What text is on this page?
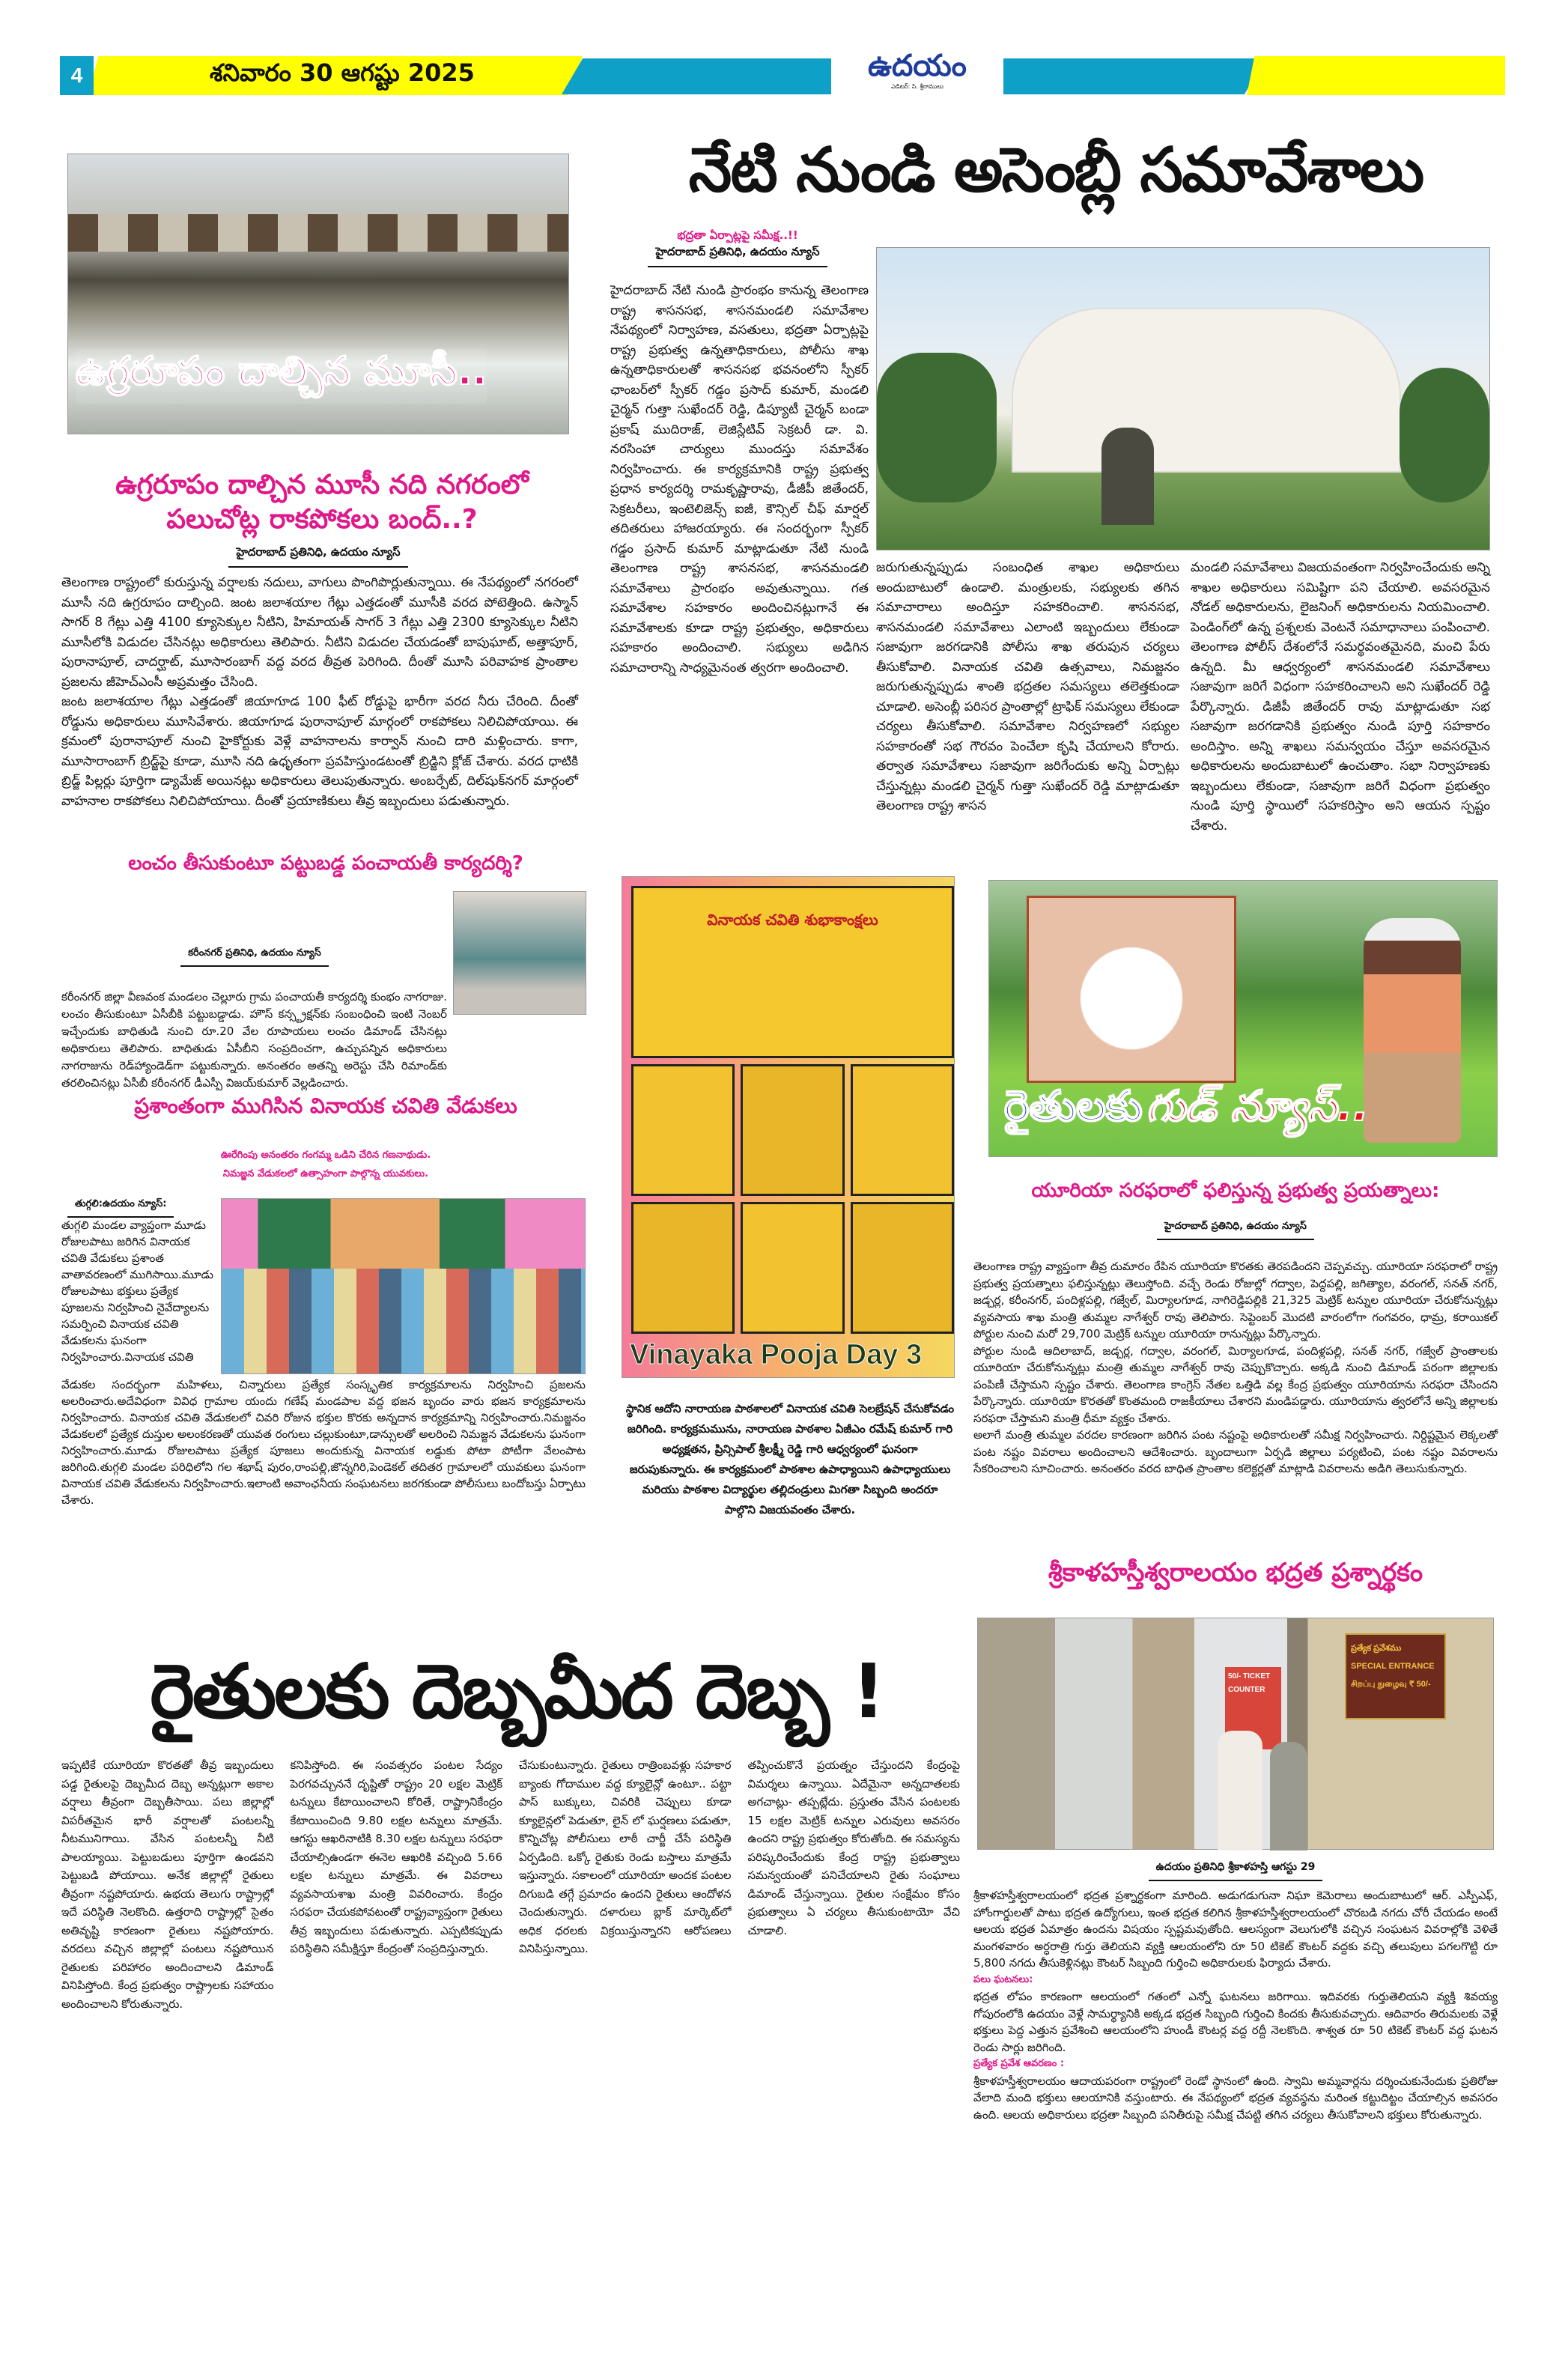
4	శనివారం 30 ఆగష్టు 2025	ఉదయం
ఎడిటర్: సి. శ్రీరాములు
ఉగ్రరూపం దాల్చిన మూసీ..
ఉగ్రరూపం దాల్చిన మూసీ నది నగరంలో పలుచోట్ల రాకపోకలు బంద్..?
హైదరాబాద్ ప్రతినిధి, ఉదయం న్యూస్

తెలంగాణ రాష్ట్రంలో కురుస్తున్న వర్షాలకు నదులు, వాగులు పొంగిపొర్లుతున్నాయి. ఈ నేపథ్యంలో నగరంలో మూసీ నది ఉగ్రరూపం దాల్చింది. జంట జలాశయాల గేట్లు ఎత్తడంతో మూసీకి వరద పోటెత్తింది. ఉస్మాన్ సాగర్ 8 గేట్లు ఎత్తి 4100 క్యూసెక్కుల నీటిని, హిమాయత్ సాగర్ 3 గేట్లు ఎత్తి 2300 క్యూసెక్కుల నీటిని మూసీలోకి విడుదల చేసినట్లు అధికారులు తెలిపారు. నీటిని విడుదల చేయడంతో బాపుఘాట్, అత్తాపూర్, పురానాపూల్, చాదర్ఘాట్, మూసారంబాగ్ వద్ద వరద తీవ్రత పెరిగింది. దీంతో మూసి పరివాహక ప్రాంతాల ప్రజలను జీహెచ్ఎంసీ అప్రమత్తం చేసింది.

జంట జలాశయాల గేట్లు ఎత్తడంతో జియాగూడ 100 ఫీట్ రోడ్డుపై భారీగా వరద నీరు చేరింది. దీంతో రోడ్డును అధికారులు మూసివేశారు. జియాగూడ పురానాపూల్ మార్గంలో రాకపోకలు నిలిచిపోయాయి. ఈ క్రమంలో పురానాపూల్ నుంచి హైకోర్టుకు వెళ్లే వాహనాలను కార్వాన్ నుంచి దారి మళ్లించారు. కాగా, మూసారాంబాగ్ బ్రిడ్జ్‌పై కూడా, మూసి నది ఉధృతంగా ప్రవహిస్తుండటంతో బ్రిడ్జిని క్లోజ్ చేశారు. వరద ధాటికి బ్రిడ్జ్ పిల్లర్లు పూర్తిగా డ్యామేజ్ అయినట్లు అధికారులు తెలుపుతున్నారు. అంబర్పేట్, దిల్‌షుక్‌నగర్ మార్గంలో వాహనాల రాకపోకలు నిలిచిపోయాయి. దీంతో ప్రయాణికులు తీవ్ర ఇబ్బందులు పడుతున్నారు.

నేటి నుండి అసెంబ్లీ సమావేశాలు
భద్రతా ఏర్పాట్లపై సమీక్ష..!!
హైదరాబాద్ ప్రతినిధి, ఉదయం న్యూస్
హైదరాబాద్ నేటి నుండి ప్రారంభం కానున్న తెలంగాణ రాష్ట్ర శాసనసభ, శాసనమండలి సమావేశాల నేపథ్యంలో నిర్వాహణ, వసతులు, భద్రతా ఏర్పాట్లపై రాష్ట్ర ప్రభుత్వ ఉన్నతాధికారులు, పోలీసు శాఖ ఉన్నతాధికారులతో శాసనసభ భవనంలోని స్పీకర్ ఛాంబర్‌లో స్పీకర్ గడ్డం ప్రసాద్ కుమార్, మండలి చైర్మన్ గుత్తా సుఖేందర్ రెడ్డి, డిప్యూటీ చైర్మన్ బండా ప్రకాష్ ముదిరాజ్, లెజిస్లేటివ్ సెక్రటరీ డా. వి. నరసింహా చార్యులు ముందస్తు సమావేశం నిర్వహించారు. ఈ కార్యక్రమానికి రాష్ట్ర ప్రభుత్వ ప్రధాన కార్యదర్శి రామకృష్ణారావు, డీజీపీ జితేందర్, సెక్రటరీలు, ఇంటెలిజెన్స్ ఐజీ, కౌన్సిల్ చీఫ్ మార్షల్ తదితరులు హాజరయ్యారు. ఈ సందర్భంగా స్పీకర్ గడ్డం ప్రసాద్ కుమార్ మాట్లాడుతూ నేటి నుండి తెలంగాణ రాష్ట్ర శాసనసభ, శాసనమండలి సమావేశాలు ప్రారంభం అవుతున్నాయి. గత సమావేశాల సహకారం అందించినట్లుగానే ఈ సమావేశాలకు కూడా రాష్ట్ర ప్రభుత్వం, అధికారులు సహకారం అందించాలి. సభ్యులు అడిగిన సమాచారాన్ని సాధ్యమైనంత త్వరగా అందించాలి.
జరుగుతున్నప్పుడు సంబంధిత శాఖల అధికారులు అందుబాటులో ఉండాలి. మంత్రులకు, సభ్యులకు తగిన సమాచారాలు అందిస్తూ సహకరించాలి. శాసనసభ, శాసనమండలి సమావేశాలు ఎలాంటి ఇబ్బందులు లేకుండా సజావుగా జరగడానికి పోలీసు శాఖ తరుపున చర్యలు తీసుకోవాలి. వినాయక చవితి ఉత్సవాలు, నిమజ్జనం జరుగుతున్నప్పుడు శాంతి భద్రతల సమస్యలు తలెత్తకుండా చూడాలి. అసెంబ్లీ పరిసర ప్రాంతాల్లో ట్రాఫిక్ సమస్యలు లేకుండా చర్యలు తీసుకోవాలి. సమావేశాల నిర్వహణలో సభ్యుల సహకారంతో సభ గౌరవం పెంచేలా కృషి చేయాలని కోరారు. తర్వాత సమావేశాలు సజావుగా జరిగేందుకు అన్ని ఏర్పాట్లు చేస్తున్నట్లు మండలి చైర్మన్ గుత్తా సుఖేందర్ రెడ్డి మాట్లాడుతూ తెలంగాణ రాష్ట్ర శాసన
మండలి సమావేశాలు విజయవంతంగా నిర్వహించేందుకు అన్ని శాఖల అధికారులు సమిష్టిగా పని చేయాలి. అవసరమైన నోడల్ అధికారులను, లైజనింగ్ అధికారులను నియమించాలి. పెండింగ్‌లో ఉన్న ప్రశ్నలకు వెంటనే సమాధానాలు పంపించాలి. తెలంగాణ పోలీస్ దేశంలోనే సమర్థవంతమైనది, మంచి పేరు ఉన్నది. మీ ఆధ్వర్యంలో శాసనమండలి సమావేశాలు సజావుగా జరిగే విధంగా సహకరించాలని అని సుఖేందర్ రెడ్డి పేర్కొన్నారు. డిజీపీ జితేందర్ రావు మాట్లాడుతూ సభ సజావుగా జరగడానికి ప్రభుత్వం నుండి పూర్తి సహకారం అందిస్తాం. అన్ని శాఖలు సమన్వయం చేస్తూ అవసరమైన అధికారులను అందుబాటులో ఉంచుతాం. సభా నిర్వాహణకు ఇబ్బందులు లేకుండా, సజావుగా జరిగే విధంగా ప్రభుత్వం నుండి పూర్తి స్థాయిలో సహకరిస్తాం అని ఆయన స్పష్టం చేశారు.
లంచం తీసుకుంటూ పట్టుబడ్డ పంచాయతీ కార్యదర్శి?
కరీంనగర్ ప్రతినిధి, ఉదయం న్యూస్
కరీంనగర్ జిల్లా వీణవంక మండలం చెల్లూరు గ్రామ పంచాయతీ కార్యదర్శి కుంభం నాగరాజు. లంచం తీసుకుంటూ ఏసీబీకి పట్టుబడ్డాడు. హౌస్ కన్స్ట్రక్షన్‌కు సంబంధించి ఇంటి నెంబర్ ఇచ్చేందుకు బాధితుడి నుంచి రూ.20 వేల రూపాయలు లంచం డిమాండ్ చేసినట్లు అధికారులు తెలిపారు. బాధితుడు ఏసీబీని సంప్రదించగా, ఉచ్చుపన్నిన అధికారులు నాగరాజును రెడ్‌హ్యాండెడ్‌గా పట్టుకున్నారు. అనంతరం అతన్ని అరెస్టు చేసి రిమాండ్‌కు తరలించినట్లు ఏసీబీ కరీంనగర్ డీఎస్పీ విజయ్‌కుమార్ వెల్లడించారు.
ప్రశాంతంగా ముగిసిన వినాయక చవితి వేడుకలు
ఊరేగింపు అనంతరం గంగమ్మ ఒడిని చేరిన గణనాథుడు.
నిమజ్జన వేడుకలలో ఉత్సాహంగా పాల్గొన్న యువకులు.
తుగ్గలి:ఉదయం న్యూస్:
తుగ్గలి మండల వ్యాప్తంగా మూడు రోజులపాటు జరిగిన వినాయక చవితి వేడుకలు ప్రశాంత వాతావరణంలో ముగిసాయి.మూడు రోజులపాటు భక్తులు ప్రత్యేక పూజలను నిర్వహించి నైవేద్యాలను సమర్పించి వినాయక చవితి వేడుకలను ఘనంగా నిర్వహించారు.వినాయక చవితి
వేడుకల సందర్భంగా మహిళలు, చిన్నారులు ప్రత్యేక సంస్కృతిక కార్యక్రమాలను నిర్వహించి ప్రజలను అలరించారు.అదేవిధంగా వివిధ గ్రామాల యందు గణేష్ మండపాల వద్ద భజన బృందం వారు భజన కార్యక్రమాలను నిర్వహించారు. వినాయక చవితి వేడుకలలో చివరి రోజున భక్తుల కొరకు అన్నదాన కార్యక్రమాన్ని నిర్వహించారు.నిమజ్జనం వేడుకలలో ప్రత్యేక దుస్తుల అలంకరణతో యువత రంగులు చల్లుకుంటూ,డాన్సులతో అలరించి నిమజ్జన వేడుకలను ఘనంగా నిర్వహించారు.మూడు రోజులపాటు ప్రత్యేక పూజలు అందుకున్న వినాయక లడ్డుకు పోటా పోటీగా వేలంపాట జరిగింది.తుగ్గలి మండల పరిధిలోని గల శభాష్ పురం,రాంపల్లి,జొన్నగిరి,పెండెకల్ తదితర గ్రామాలలో యువకులు ఘనంగా వినాయక చవితి వేడుకలను నిర్వహించారు.ఇలాంటి అవాంఛనీయ సంఘటనలు జరగకుండా పోలీసులు బందోబస్తు ఏర్పాటు చేశారు.
వినాయక చవితి శుభాకాంక్షలు
Vinayaka Pooja Day 3
స్థానిక ఆదోని నారాయణ పాఠశాలలో వినాయక చవితి సెలబ్రేషన్ చేసుకోవడం జరిగింది. కార్యక్రమమును, నారాయణ పాఠశాల ఏజీఎం రమేష్ కుమార్ గారి అధ్యక్షతన, ప్రిన్సిపాల్ శ్రీలక్ష్మీ రెడ్డి గారి ఆధ్వర్యంలో ఘనంగా జరుపుకున్నారు. ఈ కార్యక్రమంలో పాఠశాల ఉపాధ్యాయిని ఉపాధ్యాయులు మరియు పాఠశాల విద్యార్థుల తల్లిదండ్రులు మిగతా సిబ్బంది అందరూ పాల్గొని విజయవంతం చేశారు.
రైతులకు గుడ్ న్యూస్..
యూరియా సరఫరాలో ఫలిస్తున్న ప్రభుత్వ ప్రయత్నాలు:
హైదరాబాద్ ప్రతినిధి, ఉదయం న్యూస్

తెలంగాణ రాష్ట్ర వ్యాప్తంగా తీవ్ర దుమారం రేపిన యూరియా కొరతకు తెరపడిందని చెప్పవచ్చు. యూరియా సరఫరాలో రాష్ట్ర ప్రభుత్వ ప్రయత్నాలు ఫలిస్తున్నట్లు తెలుస్తోంది. వచ్చే రెండు రోజుల్లో గద్వాల, పెద్దపల్లి, జగిత్యాల, వరంగల్, సనత్ నగర్, జడ్చర్ల, కరీంనగర్, పందిళ్లపల్లి, గజ్వేల్, మిర్యాలగూడ, నాగిరెడ్డిపల్లికి 21,325 మెట్రిక్ టన్నుల యూరియా చేరుకోనున్నట్లు వ్యవసాయ శాఖ మంత్రి తుమ్మల నాగేశ్వర్ రావు తెలిపారు. సెప్టెంబర్ మొదటి వారంలోగా గంగవరం, ధామ్ర, కరాయికల్ పోర్టుల నుంచి మరో 29,700 మెట్రిక్ టన్నుల యూరియా రానున్నట్లు పేర్కొన్నారు.

పోర్టుల నుండి ఆదిలాబాద్, జడ్చర్ల, గద్వాల, వరంగల్, మిర్యాలగూడ, పందిళ్లపల్లి, సనత్ నగర్, గజ్వేల్ ప్రాంతాలకు యూరియా చేరుకోనున్నట్లు మంత్రి తుమ్మల నాగేశ్వర్ రావు చెప్పుకొచ్చారు. అక్కడి నుంచి డిమాండ్ పరంగా జిల్లాలకు పంపిణీ చేస్తామని స్పష్టం చేశారు. తెలంగాణ కాంగ్రెస్ నేతల ఒత్తిడి వల్ల కేంద్ర ప్రభుత్వం యూరియాను సరఫరా చేసిందని పేర్కొన్నారు. యూరియా కొరతతో కొంతమంది రాజకీయాలు చేశారని మండిపడ్డారు. యూరియాను త్వరలోనే అన్ని జిల్లాలకు సరఫరా చేస్తామని మంత్రి ధీమా వ్యక్తం చేశారు.

అలాగే మంత్రి తుమ్మల వరదల కారణంగా జరిగిన పంట నష్టంపై అధికారులతో సమీక్ష నిర్వహించారు. నిర్దిష్టమైన లెక్కలతో పంట నష్టం వివరాలు అందించాలని ఆదేశించారు. బృందాలుగా ఏర్పడి జిల్లాలు పర్యటించి, పంట నష్టం వివరాలను సేకరించాలని సూచించారు. అనంతరం వరద బాధిత ప్రాంతాల కలెక్టర్లతో మాట్లాడి వివరాలను అడిగి తెలుసుకున్నారు.

శ్రీకాళహస్తీశ్వరాలయం భద్రత ప్రశ్నార్థకం
50/- TICKET COUNTER
ప్రత్యేక ప్రవేశము
SPECIAL ENTRANCE
சிறப்பு நுழைவு ₹ 50/-
ఉదయం ప్రతినిధి శ్రీకాళహస్తి ఆగస్టు 29

శ్రీకాళహస్తీశ్వరాలయంలో భద్రత ప్రశ్నార్థకంగా మారింది. అడుగడుగునా నిఘా కెమెరాలు అందుబాటులో ఆర్. ఎస్పీఎఫ్, హోంగార్డులతో పాటు భద్రత ఉద్యోగులు, ఇంత భద్రత కలిగిన శ్రీకాళహస్తీశ్వరాలయంలో చొరబడి నగదు చోరీ చేయడం అంటే ఆలయ భద్రత ఏమాత్రం ఉందను విషయం స్పష్టమవుతోంది. ఆలస్యంగా వెలుగులోకి వచ్చిన సంఘటన వివరాల్లోకి వెళితే మంగళవారం అర్ధరాత్రి గుర్తు తెలియని వ్యక్తి ఆలయంలోని రూ 50 టికెట్ కౌంటర్ వద్దకు వచ్చి తలుపులు పగలగొట్టి రూ 5,800 నగదు తీసుకెళ్లినట్లు కౌంటర్ సిబ్బంది గుర్తించి అధికారులకు ఫిర్యాదు చేశారు.

పలు ఘటనలు:

భద్రత లోపం కారణంగా ఆలయంలో గతంలో ఎన్నో ఘటనలు జరిగాయి. ఇదివరకు గుర్తుతెలియని వ్యక్తి శివయ్య గోపురంలోకి ఉదయం వెళ్లే సామర్థ్యానికి అక్కడ భద్రత సిబ్బంది గుర్తించి కిందకు తీసుకువచ్చారు. ఆదివారం తిరుమలకు వెళ్లే భక్తులు పెద్ద ఎత్తున ప్రవేశించి ఆలయంలోని హుండీ కౌంటర్ల వద్ద రద్దీ నెలకొంది. శాశ్వత రూ 50 టికెట్ కౌంటర్ వద్ద ఘటన రెండు సార్లు జరిగింది.

ప్రత్యేక ప్రవేశ ఆవరణం :

శ్రీకాళహస్తీశ్వరాలయం ఆదాయపరంగా రాష్ట్రంలో రెండో స్థానంలో ఉంది. స్వామి అమ్మవార్లను దర్శించుకునేందుకు ప్రతిరోజు వేలాది మంది భక్తులు ఆలయానికి వస్తుంటారు. ఈ నేపథ్యంలో భద్రత వ్యవస్థను మరింత కట్టుదిట్టం చేయాల్సిన అవసరం ఉంది. ఆలయ అధికారులు భద్రతా సిబ్బంది పనితీరుపై సమీక్ష చేపట్టి తగిన చర్యలు తీసుకోవాలని భక్తులు కోరుతున్నారు.

రైతులకు దెబ్బమీద దెబ్బ !
ఇప్పటికే యూరియా కొరతతో తీవ్ర ఇబ్బందులు పడ్డ రైతులపై దెబ్బమీద దెబ్బ అన్నట్లుగా అకాల వర్షాలు తీవ్రంగా దెబ్బతీసాయి. పలు జిల్లాల్లో విపరీతమైన భారీ వర్షాలతో పంటలన్నీ నీటమునిగాయి. వేసిన పంటలన్నీ నీటి పాలయ్యాయి. పెట్టుబడులు పూర్తిగా ఉండవని పెట్టుబడి పోయాయి. అనేక జిల్లాల్లో రైతులు తీవ్రంగా నష్టపోయారు. ఉభయ తెలుగు రాష్ట్రాల్లో ఇదే పరిస్థితి నెలకొంది. ఉత్తరాది రాష్ట్రాల్లో సైతం అతివృష్టి కారణంగా రైతులు నష్టపోయారు. వరదలు వచ్చిన జిల్లాల్లో పంటలు నష్టపోయిన రైతులకు పరిహారం అందించాలని డిమాండ్ వినిపిస్తోంది. కేంద్ర ప్రభుత్వం రాష్ట్రాలకు సహాయం అందించాలని కోరుతున్నారు.
కనిపిస్తోంది. ఈ సంవత్సరం పంటల సేద్యం పెరగవచ్చుననే దృష్టితో రాష్ట్రం 20 లక్షల మెట్రిక్ టన్నులు కేటాయించాలని కోరితే, రాష్ట్రానికేంద్రం కేటాయించింది 9.80 లక్షల టన్నులు మాత్రమే. ఆగస్టు ఆఖరినాటికి 8.30 లక్షల టన్నులు సరఫరా చేయాల్సిఉండగా ఈనెల ఆఖరికి వచ్చింది 5.66 లక్షల టన్నులు మాత్రమే. ఈ వివరాలు వ్యవసాయశాఖ మంత్రి వివరించారు. కేంద్రం సరఫరా చేయకపోవటంతో రాష్ట్రవ్యాప్తంగా రైతులు తీవ్ర ఇబ్బందులు పడుతున్నారు. ఎప్పటికప్పుడు పరిస్థితిని సమీక్షిస్తూ కేంద్రంతో సంప్రదిస్తున్నారు.
చేసుకుంటున్నారు. రైతులు రాత్రింబవళ్లు సహకార బ్యాంకు గోదాముల వద్ద క్యూలైన్లో ఉంటూ.. పట్టా పాస్ బుక్కులు, చివరికి చెప్పులు కూడా క్యూలైన్లలో పెడుతూ, లైన్ లో ఘర్షణలు పడుతూ, కొన్నిచోట్ల పోలీసులు లాఠీ చార్జీ చేసే పరిస్థితి ఏర్పడింది. ఒక్కో రైతుకు రెండు బస్తాలు మాత్రమే ఇస్తున్నారు. సకాలంలో యూరియా అందక పంటల దిగుబడి తగ్గే ప్రమాదం ఉందని రైతులు ఆందోళన చెందుతున్నారు. దళారులు బ్లాక్ మార్కెట్‌లో అధిక ధరలకు విక్రయిస్తున్నారని ఆరోపణలు వినిపిస్తున్నాయి.
తప్పించుకొనే ప్రయత్నం చేస్తుందని కేంద్రంపై విమర్శలు ఉన్నాయి. ఏదేమైనా అన్నదాతలకు అగచాట్లు- తప్పట్లేదు. ప్రస్తుతం వేసిన పంటలకు 15 లక్షల మెట్రిక్ టన్నుల ఎరువులు అవసరం ఉందని రాష్ట్ర ప్రభుత్వం కోరుతోంది. ఈ సమస్యను పరిష్కరించేందుకు కేంద్ర రాష్ట్ర ప్రభుత్వాలు సమన్వయంతో పనిచేయాలని రైతు సంఘాలు డిమాండ్ చేస్తున్నాయి. రైతుల సంక్షేమం కోసం ప్రభుత్వాలు ఏ చర్యలు తీసుకుంటాయో వేచి చూడాలి.
